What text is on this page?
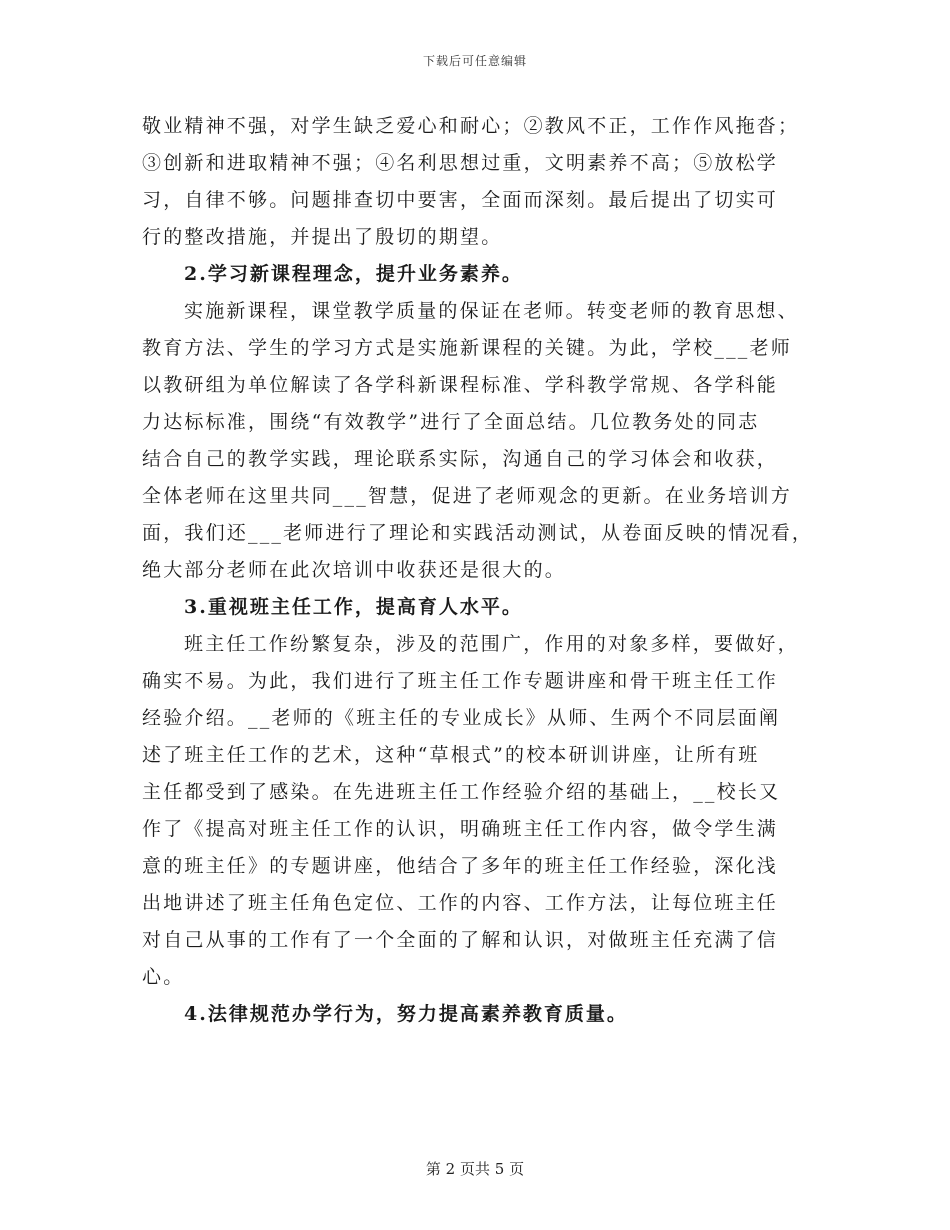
下载后可任意编辑
敬业精神不强，对学生缺乏爱心和耐心；②教风不正，工作作风拖沓；
③创新和进取精神不强；④名利思想过重，文明素养不高；⑤放松学
习，自律不够。问题排查切中要害，全面而深刻。最后提出了切实可
行的整改措施，并提出了殷切的期望。
2.学习新课程理念，提升业务素养。
实施新课程，课堂教学质量的保证在老师。转变老师的教育思想、
教育方法、学生的学习方式是实施新课程的关键。为此，学校___老师
以教研组为单位解读了各学科新课程标准、学科教学常规、各学科能
力达标标准，围绕“有效教学”进行了全面总结。几位教务处的同志
结合自己的教学实践，理论联系实际，沟通自己的学习体会和收获，
全体老师在这里共同___智慧，促进了老师观念的更新。在业务培训方
面，我们还___老师进行了理论和实践活动测试，从卷面反映的情况看，
绝大部分老师在此次培训中收获还是很大的。
3.重视班主任工作，提高育人水平。
班主任工作纷繁复杂，涉及的范围广，作用的对象多样，要做好，
确实不易。为此，我们进行了班主任工作专题讲座和骨干班主任工作
经验介绍。__老师的《班主任的专业成长》从师、生两个不同层面阐
述了班主任工作的艺术，这种“草根式”的校本研训讲座，让所有班
主任都受到了感染。在先进班主任工作经验介绍的基础上，__校长又
作了《提高对班主任工作的认识，明确班主任工作内容，做令学生满
意的班主任》的专题讲座，他结合了多年的班主任工作经验，深化浅
出地讲述了班主任角色定位、工作的内容、工作方法，让每位班主任
对自己从事的工作有了一个全面的了解和认识，对做班主任充满了信
心。
4.法律规范办学行为，努力提高素养教育质量。
第 2 页共 5 页
